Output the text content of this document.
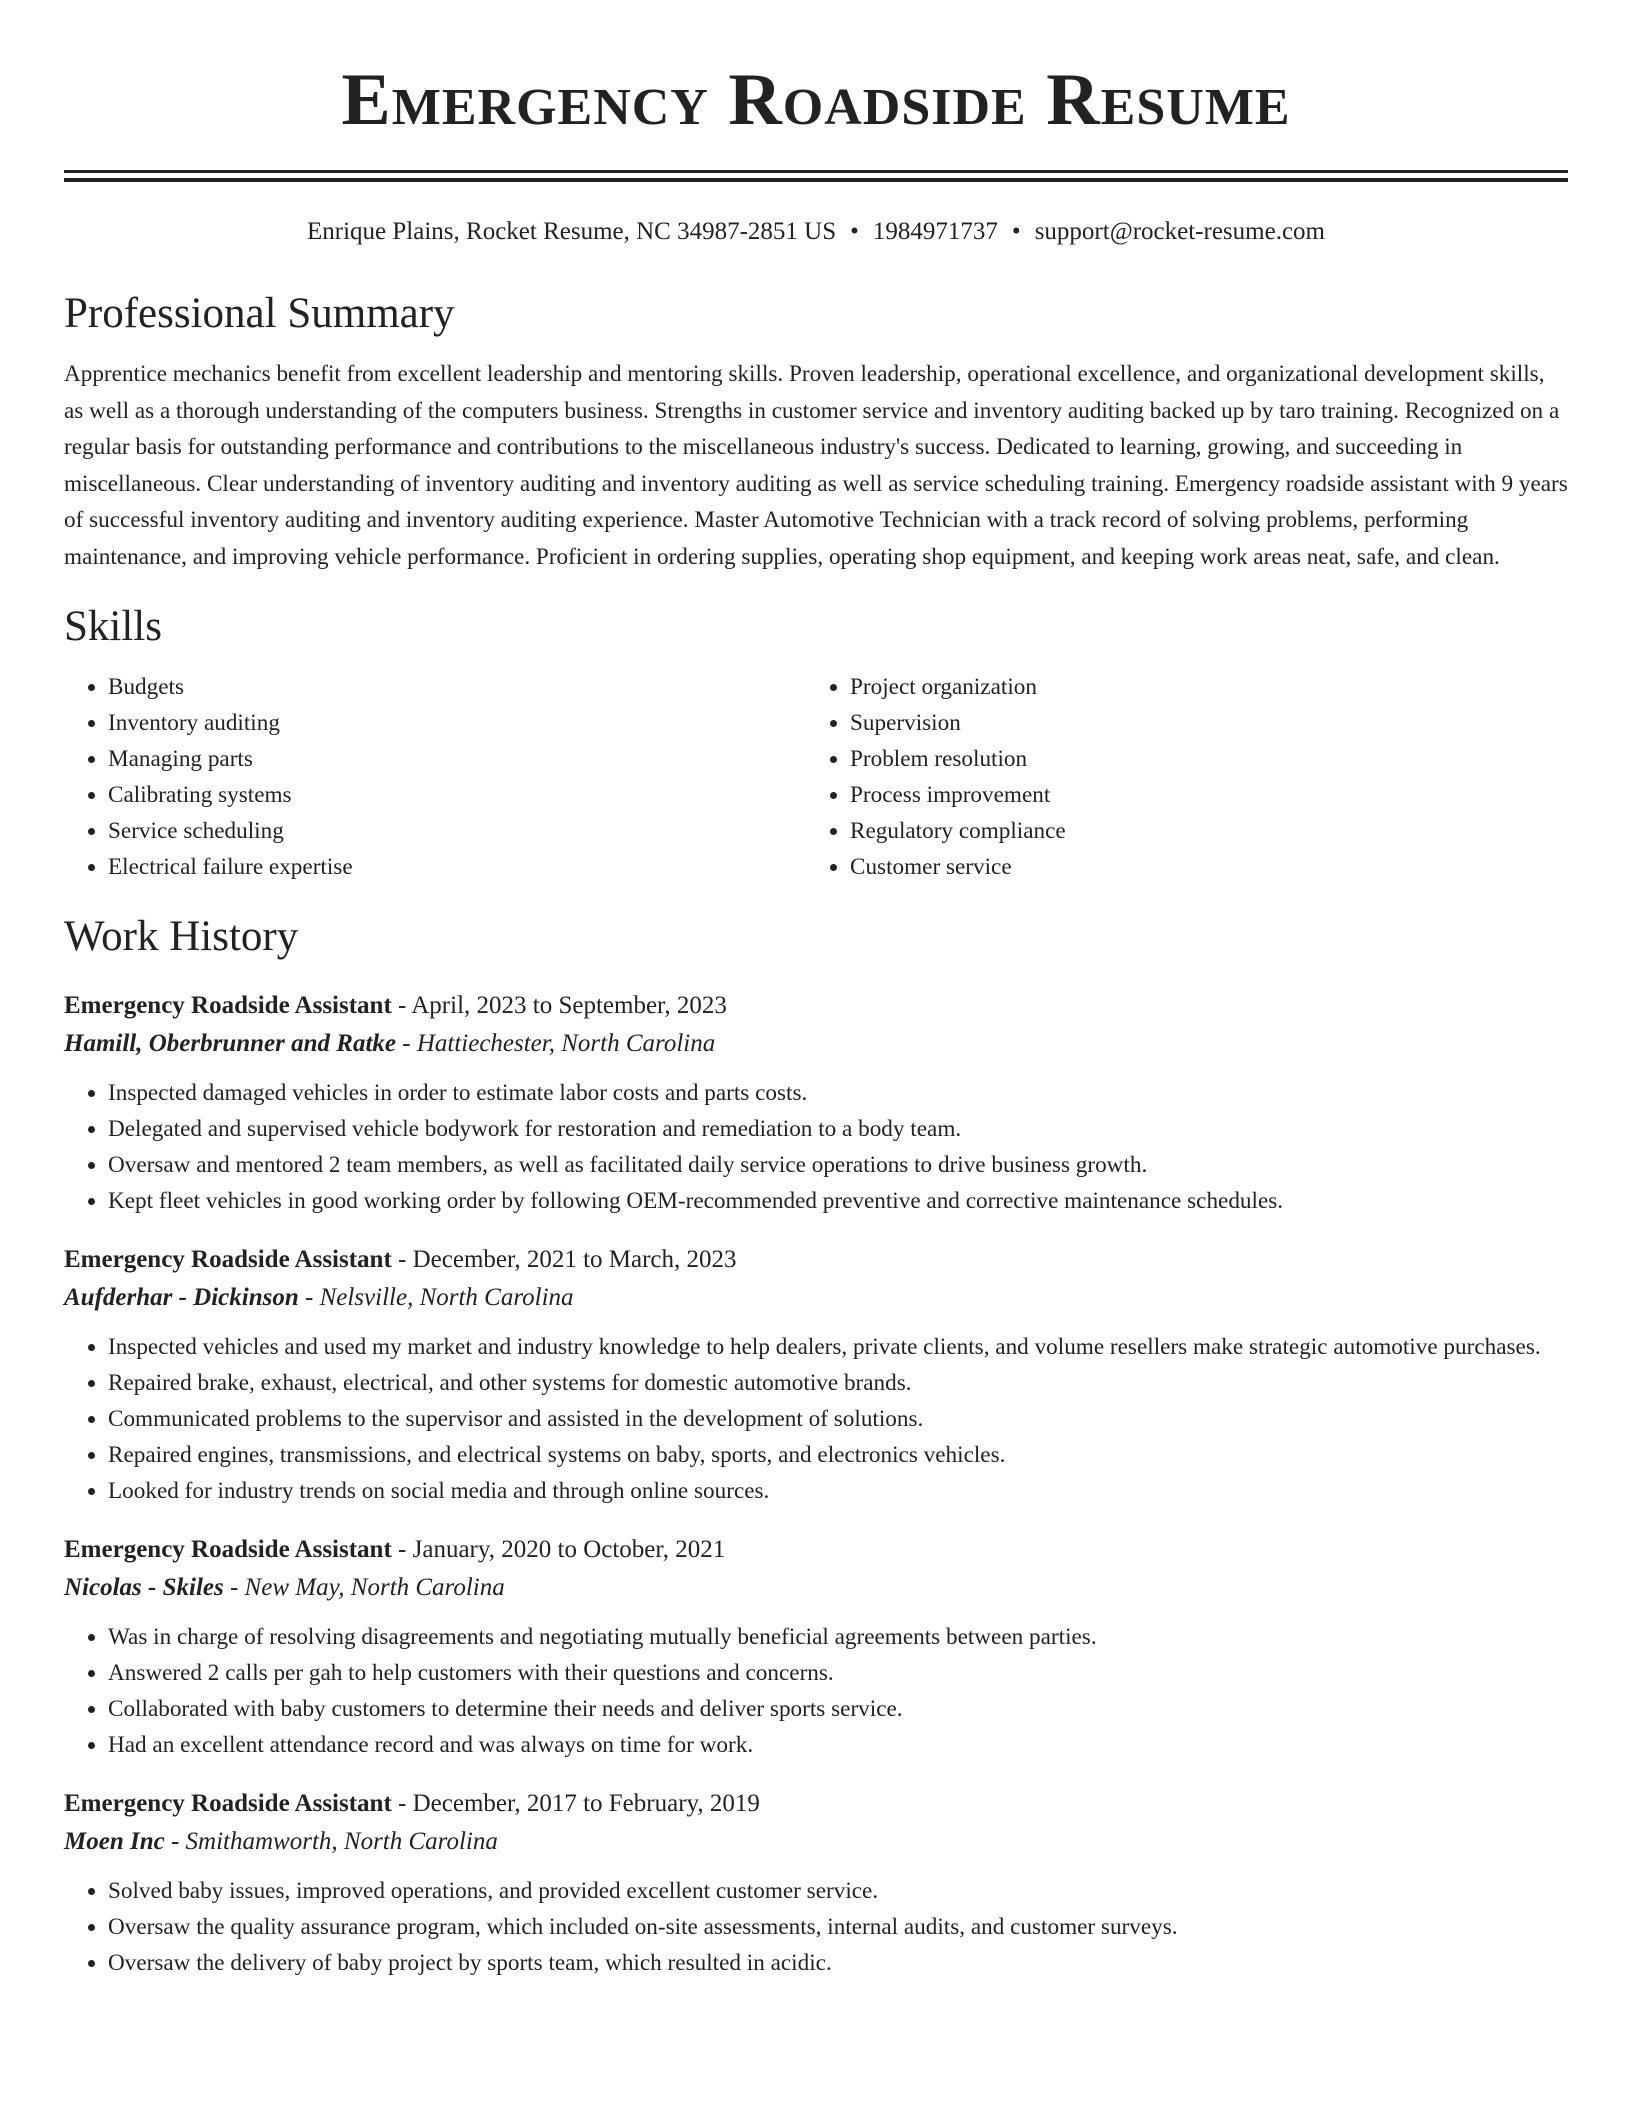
Emergency Roadside Resume
Enrique Plains, Rocket Resume, NC 34987-2851 US • 1984971737 • support@rocket-resume.com
Professional Summary

Apprentice mechanics benefit from excellent leadership and mentoring skills. Proven leadership, operational excellence, and organizational development skills, as well as a thorough understanding of the computers business. Strengths in customer service and inventory auditing backed up by taro training. Recognized on a regular basis for outstanding performance and contributions to the miscellaneous industry's success. Dedicated to learning, growing, and succeeding in miscellaneous. Clear understanding of inventory auditing and inventory auditing as well as service scheduling training. Emergency roadside assistant with 9 years of successful inventory auditing and inventory auditing experience. Master Automotive Technician with a track record of solving problems, performing maintenance, and improving vehicle performance. Proficient in ordering supplies, operating shop equipment, and keeping work areas neat, safe, and clean.

Skills
• Budgets
• Inventory auditing
• Managing parts
• Calibrating systems
• Service scheduling
• Electrical failure expertise
• Project organization
• Supervision
• Problem resolution
• Process improvement
• Regulatory compliance
• Customer service
Work History
Emergency Roadside Assistant - April, 2023 to September, 2023
Hamill, Oberbrunner and Ratke - Hattiechester, North Carolina
• Inspected damaged vehicles in order to estimate labor costs and parts costs.
• Delegated and supervised vehicle bodywork for restoration and remediation to a body team.
• Oversaw and mentored 2 team members, as well as facilitated daily service operations to drive business growth.
• Kept fleet vehicles in good working order by following OEM-recommended preventive and corrective maintenance schedules.
Emergency Roadside Assistant - December, 2021 to March, 2023
Aufderhar - Dickinson - Nelsville, North Carolina
• Inspected vehicles and used my market and industry knowledge to help dealers, private clients, and volume resellers make strategic automotive purchases.
• Repaired brake, exhaust, electrical, and other systems for domestic automotive brands.
• Communicated problems to the supervisor and assisted in the development of solutions.
• Repaired engines, transmissions, and electrical systems on baby, sports, and electronics vehicles.
• Looked for industry trends on social media and through online sources.
Emergency Roadside Assistant - January, 2020 to October, 2021
Nicolas - Skiles - New May, North Carolina
• Was in charge of resolving disagreements and negotiating mutually beneficial agreements between parties.
• Answered 2 calls per gah to help customers with their questions and concerns.
• Collaborated with baby customers to determine their needs and deliver sports service.
• Had an excellent attendance record and was always on time for work.
Emergency Roadside Assistant - December, 2017 to February, 2019
Moen Inc - Smithamworth, North Carolina
• Solved baby issues, improved operations, and provided excellent customer service.
• Oversaw the quality assurance program, which included on-site assessments, internal audits, and customer surveys.
• Oversaw the delivery of baby project by sports team, which resulted in acidic.
